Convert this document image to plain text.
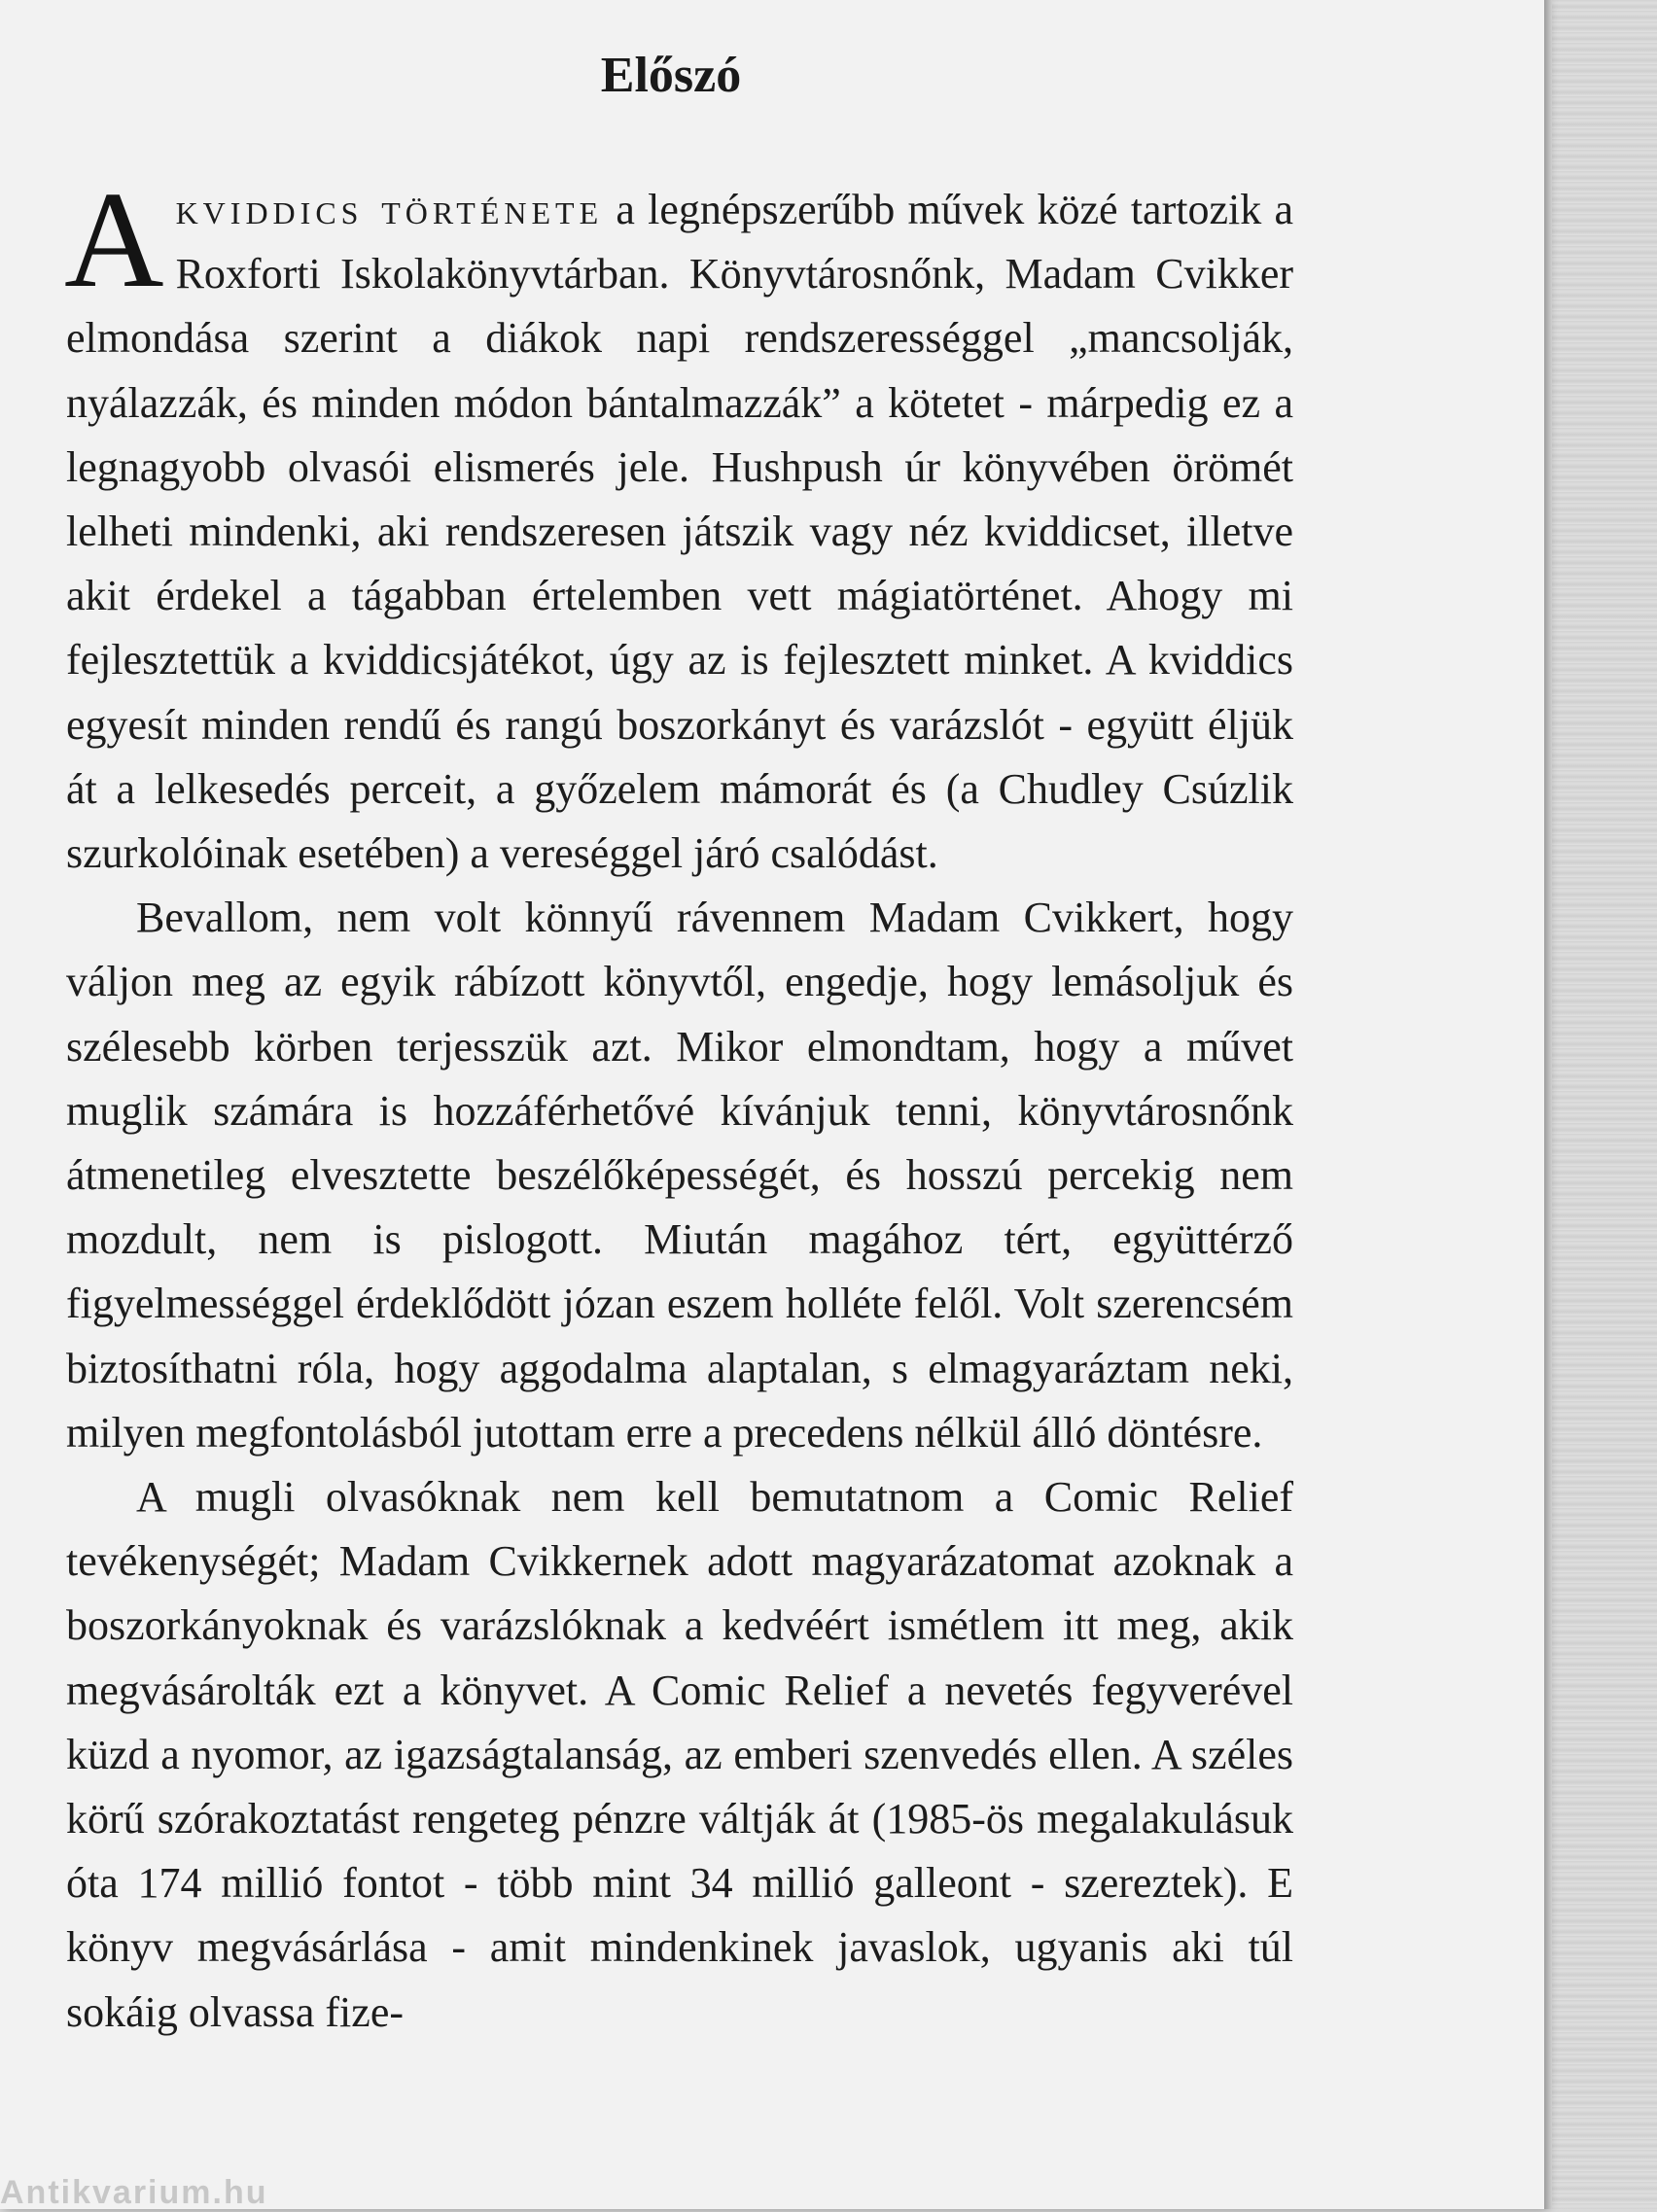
Előszó

Akviddics története a legnépszerűbb művek közé tartozik a Roxforti Iskolakönyvtárban. Könyvtárosnőnk, Madam Cvikker elmondása szerint a diákok napi rendszerességgel „mancsolják, nyálazzák, és minden módon bántalmazzák” a kötetet - márpedig ez a legnagyobb olvasói elismerés jele. Hushpush úr könyvében örömét lelheti mindenki, aki rendszeresen játszik vagy néz kviddicset, illetve akit érdekel a tágabban értelemben vett mágiatörténet. Ahogy mi fejlesztettük a kviddicsjátékot, úgy az is fejlesztett minket. A kviddics egyesít minden rendű és rangú boszorkányt és varázslót - együtt éljük át a lelkesedés perceit, a győzelem mámorát és (a Chudley Csúzlik szurkolóinak esetében) a vereséggel járó csalódást.

Bevallom, nem volt könnyű rávennem Madam Cvikkert, hogy váljon meg az egyik rábízott könyvtől, engedje, hogy lemásoljuk és szélesebb körben terjesszük azt. Mikor elmondtam, hogy a művet muglik számára is hozzáférhetővé kívánjuk tenni, könyvtárosnőnk átmenetileg elvesztette beszélőképességét, és hosszú percekig nem mozdult, nem is pislogott. Miután magához tért, együttérző figyelmességgel érdeklődött józan eszem holléte felől. Volt szerencsém biztosíthatni róla, hogy aggodalma alaptalan, s elmagyaráztam neki, milyen megfontolásból jutottam erre a precedens nélkül álló döntésre.

A mugli olvasóknak nem kell bemutatnom a Comic Relief tevékenységét; Madam Cvikkernek adott magyarázatomat azoknak a boszorkányoknak és varázslóknak a kedvéért ismétlem itt meg, akik megvásárolták ezt a könyvet. A Comic Relief a nevetés fegyverével küzd a nyomor, az igazságtalanság, az emberi szenvedés ellen. A széles körű szórakoztatást rengeteg pénzre váltják át (1985-ös megalakulásuk óta 174 millió fontot - több mint 34 millió galleont - szereztek). E könyv megvásárlása - amit mindenkinek javaslok, ugyanis aki túl sokáig olvassa fize-

Antikvarium.hu
